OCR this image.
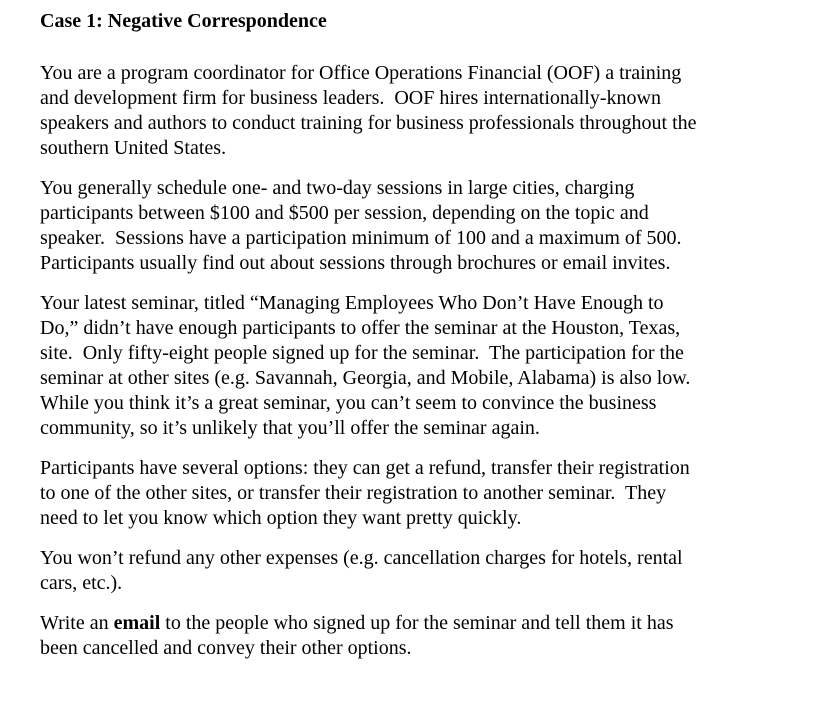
Case 1: Negative Correspondence

You are a program coordinator for Office Operations Financial (OOF) a training
and development firm for business leaders.  OOF hires internationally-known
speakers and authors to conduct training for business professionals throughout the
southern United States.

You generally schedule one- and two-day sessions in large cities, charging
participants between $100 and $500 per session, depending on the topic and
speaker.  Sessions have a participation minimum of 100 and a maximum of 500.
Participants usually find out about sessions through brochures or email invites.

Your latest seminar, titled “Managing Employees Who Don’t Have Enough to
Do,” didn’t have enough participants to offer the seminar at the Houston, Texas,
site.  Only fifty-eight people signed up for the seminar.  The participation for the
seminar at other sites (e.g. Savannah, Georgia, and Mobile, Alabama) is also low.
While you think it’s a great seminar, you can’t seem to convince the business
community, so it’s unlikely that you’ll offer the seminar again.

Participants have several options: they can get a refund, transfer their registration
to one of the other sites, or transfer their registration to another seminar.  They
need to let you know which option they want pretty quickly.

You won’t refund any other expenses (e.g. cancellation charges for hotels, rental
cars, etc.).

Write an email to the people who signed up for the seminar and tell them it has
been cancelled and convey their other options.
